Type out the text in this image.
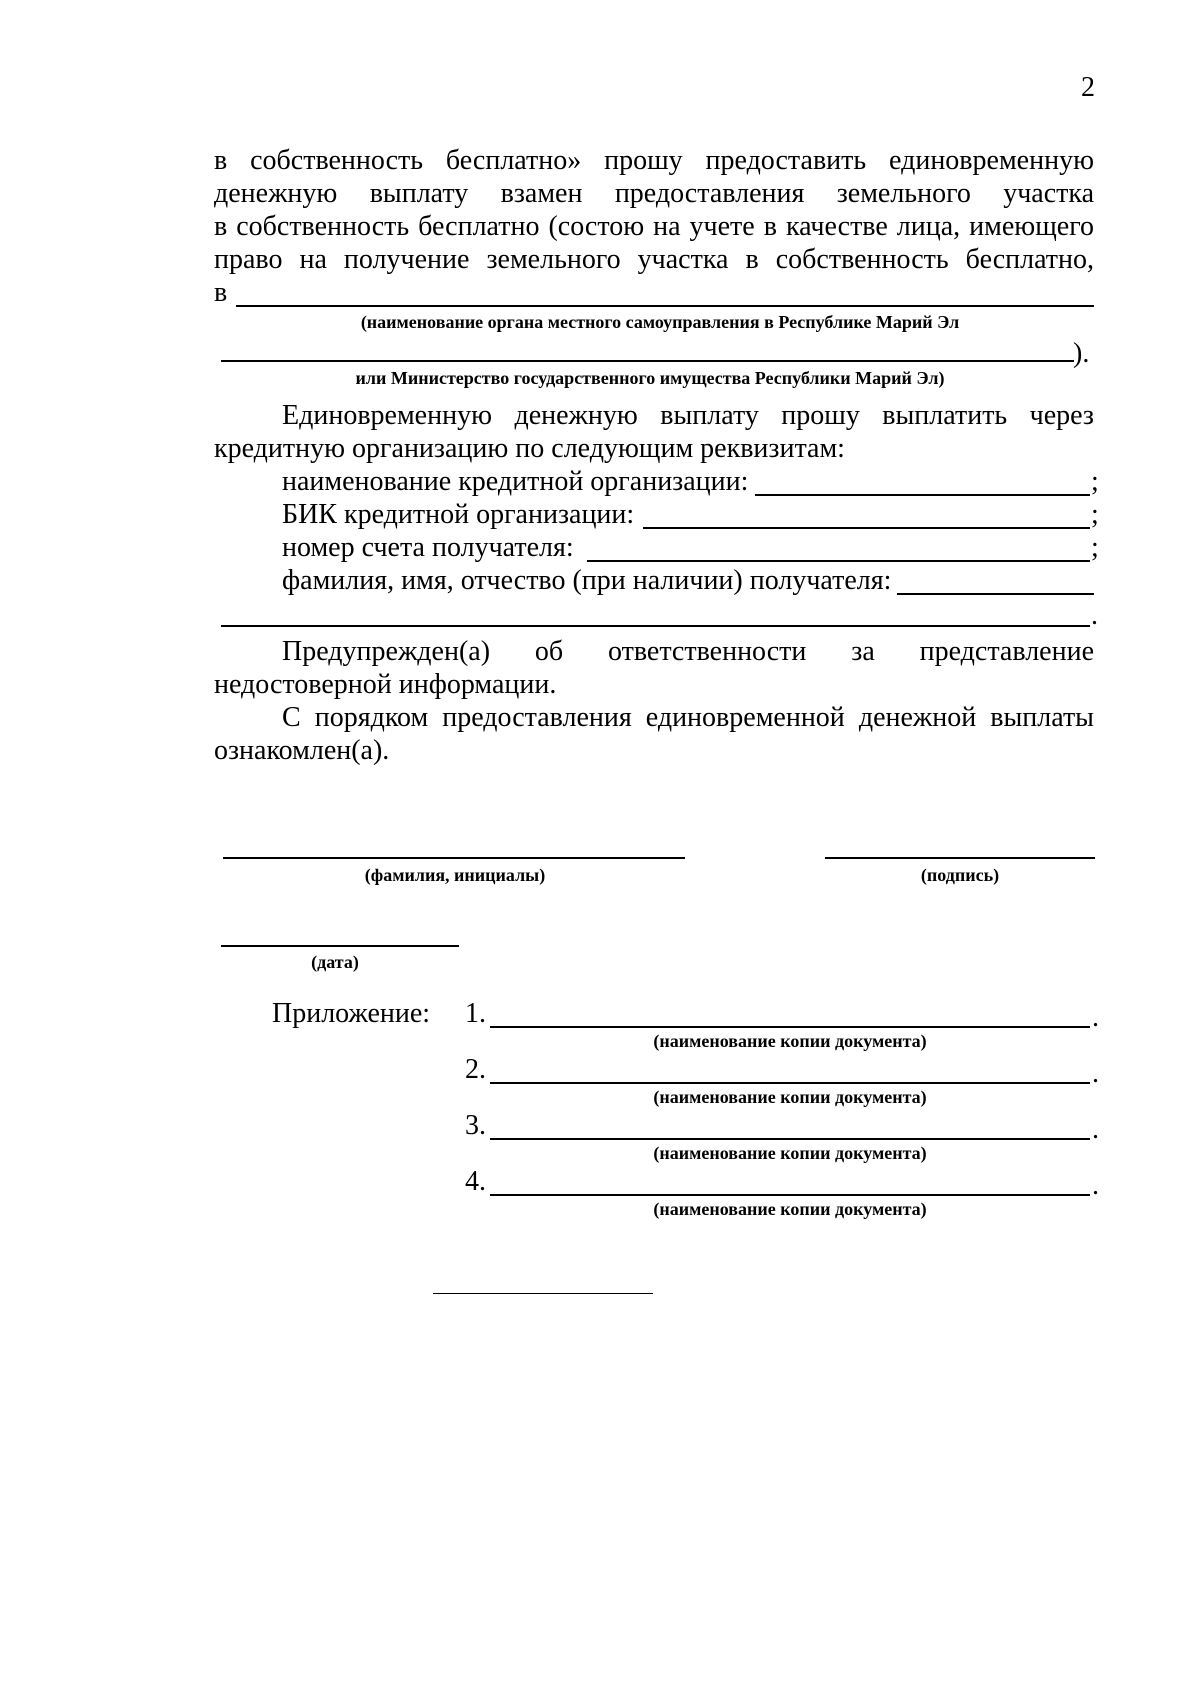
2
в собственность бесплатно» прошу предоставить единовременную
денежную выплату взамен предоставления земельного участка
в собственность бесплатно (состою на учете в качестве лица, имеющего
право на получение земельного участка в собственность бесплатно,
в
(наименование органа местного самоуправления в Республике Марий Эл
).
или Министерство государственного имущества Республики Марий Эл)
Единовременную денежную выплату прошу выплатить через
кредитную организацию по следующим реквизитам:
наименование кредитной организации:	;
БИК кредитной организации:	;
номер счета получателя:	;
фамилия, имя, отчество (при наличии) получателя:
.
Предупрежден(а) об ответственности за представление
недостоверной информации.
С порядком предоставления единовременной денежной выплаты
ознакомлен(а).
(фамилия, инициалы)	(подпись)
(дата)
Приложение: 1.	.
(наименование копии документа)
2.	.
(наименование копии документа)
3.	.
(наименование копии документа)
4.	.
(наименование копии документа)
